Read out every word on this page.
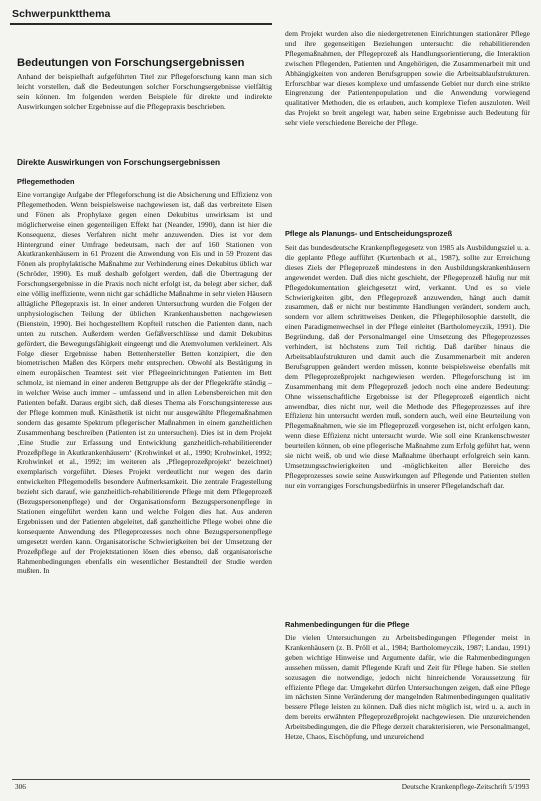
Schwerpunktthema
Bedeutungen von Forschungsergebnissen

Anhand der beispielhaft aufgeführten Titel zur Pflegeforschung kann man sich leicht vorstellen, daß die Bedeutungen solcher Forschungsergebnisse vielfältig sein können. Im folgenden werden Beispiele für direkte und indirekte Auswirkungen solcher Ergebnisse auf die Pflegepraxis beschrieben.

Direkte Auswirkungen von Forschungsergebnissen
Pflegemethoden

Eine vorrangige Aufgabe der Pflegeforschung ist die Absicherung und Effizienz von Pflegemethoden. Wenn beispielsweise nachgewiesen ist, daß das verbreitete Eisen und Fönen als Prophylaxe gegen einen Dekubitus unwirksam ist und möglicherweise einen gegenteiligen Effekt hat (Neander, 1990), dann ist hier die Konsequenz, dieses Verfahren nicht mehr anzuwenden. Dies ist vor dem Hintergrund einer Umfrage bedeutsam, nach der auf 160 Stationen von Akutkrankenhäusern in 61 Prozent die Anwendung von Eis und in 59 Prozent das Fönen als prophylaktische Maßnahme zur Verhinderung eines Dekubitus üblich war (Schröder, 1990). Es muß deshalb gefolgert werden, daß die Übertragung der Forschungsergebnisse in die Praxis noch nicht erfolgt ist, da belegt aber sicher, daß eine völlig ineffiziente, wenn nicht gar schädliche Maßnahme in sehr vielen Häusern alltägliche Pflegepraxis ist. In einer anderen Untersuchung wurden die Folgen der unphysiologischen Teilung der üblichen Krankenhausbetten nachgewiesen (Bienstein, 1990). Bei hochgestelltem Kopfteil rutschen die Patienten dann, nach unten zu rutschen. Außerdem werden Gefäßverschlüsse und damit Dekubitus gefördert, die Bewegungsfähigkeit eingeengt und die Atemvolumen verkleinert. Als Folge dieser Ergebnisse haben Bettenhersteller Betten konzipiert, die den biometrischen Maßen des Körpers mehr entsprechen. Obwohl als Bestätigung in einem europäischen Teamtest seit vier Pflegeeinrichtungen Patienten im Bett schmolz, ist niemand in einer anderen Bettgruppe als der der Pflegekräfte ständig – in welcher Weise auch immer – umfassend und in allen Lebensbereichen mit den Patienten befaßt. Daraus ergibt sich, daß dieses Thema als Forschungsinteresse aus der Pflege kommen muß. Kinästhetik ist nicht nur ausgewählte Pflegemaßnahmen sondern das gesamte Spektrum pflegerischer Maßnahmen in einem ganzheitlichen Zusammenhang beschreiben (Patienten ist zu untersuchen). Dies ist in dem Projekt ‚Eine Studie zur Erfassung und Entwicklung ganzheitlich-rehabilitierender Prozeßpflege in Akutkrankenhäusern‘ (Krohwinkel et al., 1990; Krohwinkel, 1992; Krohwinkel et al., 1992; im weiteren als ‚Pflegeprozeßprojekt‘ bezeichnet) exemplarisch vorgeführt. Dieses Projekt verdeutlicht nur wegen des darin entwickelten Pflegemodells besondere Aufmerksamkeit. Die zentrale Fragestellung bezieht sich darauf, wie ganzheitlich-rehabilitierende Pflege mit dem Pflegeprozeß (Bezugspersonenpflege) und der Organisationsform Bezugspersonenpflege in Stationen eingeführt werden kann und welche Folgen dies hat. Aus anderen Ergebnissen und der Patienten abgeleitet, daß ganzheitliche Pflege wobei ohne die konsequente Anwendung des Pflegeprozesses noch ohne Bezugspersonenpflege umgesetzt werden kann. Organisatorische Schwierigkeiten bei der Umsetzung der Prozeßpflege auf der Projektstationen lösen dies ebenso, daß organisatorische Rahmenbedingungen ebenfalls ein wesentlicher Bestandteil der Studie werden mußten. In

dem Projekt wurden also die niedergetretenen Einrichtungen stationärer Pflege und ihre gegenseitigen Beziehungen untersucht: die rehabilitierenden Pflegemaßnahmen, der Pflegeprozeß als Handlungsorientierung, die Interaktion zwischen Pflegenden, Patienten und Angehörigen, die Zusammenarbeit mit und Abhängigkeiten von anderen Berufsgruppen sowie die Arbeitsablaufstrukturen. Erforschbar war dieses komplexe und umfassende Gebiet nur durch eine strikte Eingrenzung der Patientenpopulation und die Anwendung vorwiegend qualitativer Methoden, die es erlauben, auch komplexe Tiefen auszuloten. Weil das Projekt so breit angelegt war, haben seine Ergebnisse auch Bedeutung für sehr viele verschiedene Bereiche der Pflege.

Pflege als Planungs- und Entscheidungsprozeß

Seit das bundesdeutsche Krankenpflegegesetz von 1985 als Ausbildungsziel u. a. die geplante Pflege aufführt (Kurtenbach et al., 1987), sollte zur Erreichung dieses Ziels der Pflegeprozeß mindestens in den Ausbildungskrankenhäusern angewendet werden. Daß dies nicht geschieht, der Pflegeprozeß häufig nur mit Pflegedokumentation gleichgesetzt wird, verkannt. Und es so viele Schwierigkeiten gibt, den Pflegeprozeß anzuwenden, hängt auch damit zusammen, daß er nicht nur bestimmte Handlungen verändert, sondern auch, sondern vor allem schrittweises Denken, die Pflegephilosophie darstellt, die einen Paradigmenwechsel in der Pflege einleitet (Bartholomeyczik, 1991). Die Begründung, daß der Personalmangel eine Umsetzung des Pflegeprozesses verhindert, ist höchstens zum Teil richtig. Daß darüber hinaus die Arbeitsablaufstrukturen und damit auch die Zusammenarbeit mit anderen Berufsgruppen geändert werden müssen, konnte beispielsweise ebenfalls mit dem Pflegeprozeßprojekt nachgewiesen werden. Pflegeforschung ist im Zusammenhang mit dem Pflegeprozeß jedoch noch eine andere Bedeutung: Ohne wissenschaftliche Ergebnisse ist der Pflegeprozeß eigentlich nicht anwendbar, dies nicht nur, weil die Methode des Pflegeprozesses auf ihre Effizienz hin untersucht werden muß, sondern auch, weil eine Beurteilung von Pflegemaßnahmen, wie sie im Pflegeprozeß vorgesehen ist, nicht erfolgen kann, wenn diese Effizienz nicht untersucht wurde. Wie soll eine Krankenschwester beurteilen können, ob eine pflegerische Maßnahme zum Erfolg geführt hat, wenn sie nicht weiß, ob und wie diese Maßnahme überhaupt erfolgreich sein kann. Umsetzungsschwierigkeiten und -möglichkeiten aller Bereiche des Pflegeprozesses sowie seine Auswirkungen auf Pflegende und Patienten stellen nur ein vorrangiges Forschungsbedürfnis in unserer Pflegelandschaft dar.

Rahmenbedingungen für die Pflege

Die vielen Untersuchungen zu Arbeitsbedingungen Pflegender meist in Krankenhäusern (z. B. Pröll et al., 1984; Bartholomeyczik, 1987; Landau, 1991) geben wichtige Hinweise und Argumente dafür, wie die Rahmenbedingungen aussehen müssen, damit Pflegende Kraft und Zeit für Pflege haben. Sie stellen sozusagen die notwendige, jedoch nicht hinreichende Voraussetzung für effiziente Pflege dar. Umgekehrt dürfen Untersuchungen zeigen, daß eine Pflege im nächsten Sinne Veränderung der mangelnden Rahmenbedingungen qualitativ bessere Pflege leisten zu können. Daß dies nicht möglich ist, wird u. a. auch in dem bereits erwähnten Pflegeprozeßprojekt nachgewiesen. Die unzureichenden Arbeitsbedingungen, die die Pflege derzeit charakterisieren, wie Personalmangel, Hetze, Chaos, Eischöpfung, und unzureichend

306	Deutsche Krankenpflege-Zeitschrift 5/1993
